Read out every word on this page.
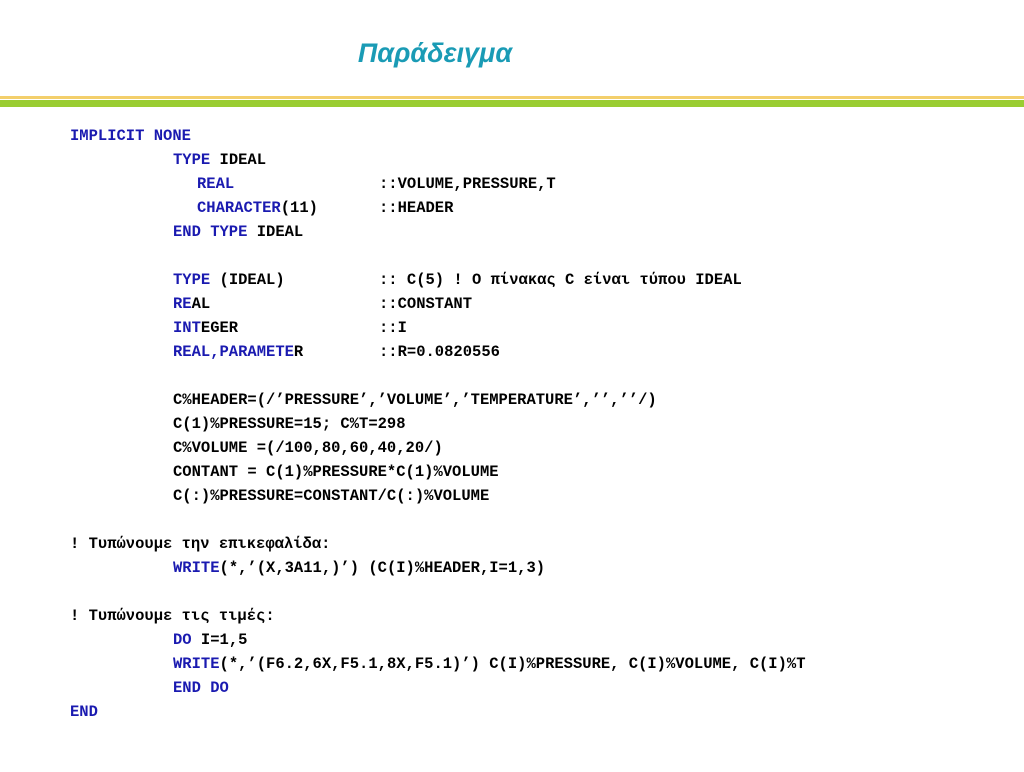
Παράδειγμα

IMPLICIT NONE

TYPE IDEAL

REAL

	::VOLUME,PRESSURE,T

CHARACTER(11)

	::HEADER

END TYPE IDEAL

TYPE (IDEAL)

	:: C(5) ! Ο πίνακας C είναι τύπου IDEAL

REAL

	::CONSTANT

INTEGER

	::I

REAL,PARAMETER

	::R=0.0820556

C%HEADER=(/’PRESSURE’,’VOLUME’,’TEMPERATURE’,’’,’’/)

C(1)%PRESSURE=15; C%T=298

C%VOLUME =(/100,80,60,40,20/)

CONTANT = C(1)%PRESSURE*C(1)%VOLUME

C(:)%PRESSURE=CONSTANT/C(:)%VOLUME

! Τυπώνουμε την επικεφαλίδα:

WRITE(*,’(X,3A11,)’) (C(I)%HEADER,I=1,3)

! Τυπώνουμε τις τιμές:

DO I=1,5

WRITE(*,’(F6.2,6X,F5.1,8X,F5.1)’) C(I)%PRESSURE, C(I)%VOLUME, C(I)%T

END DO

END
